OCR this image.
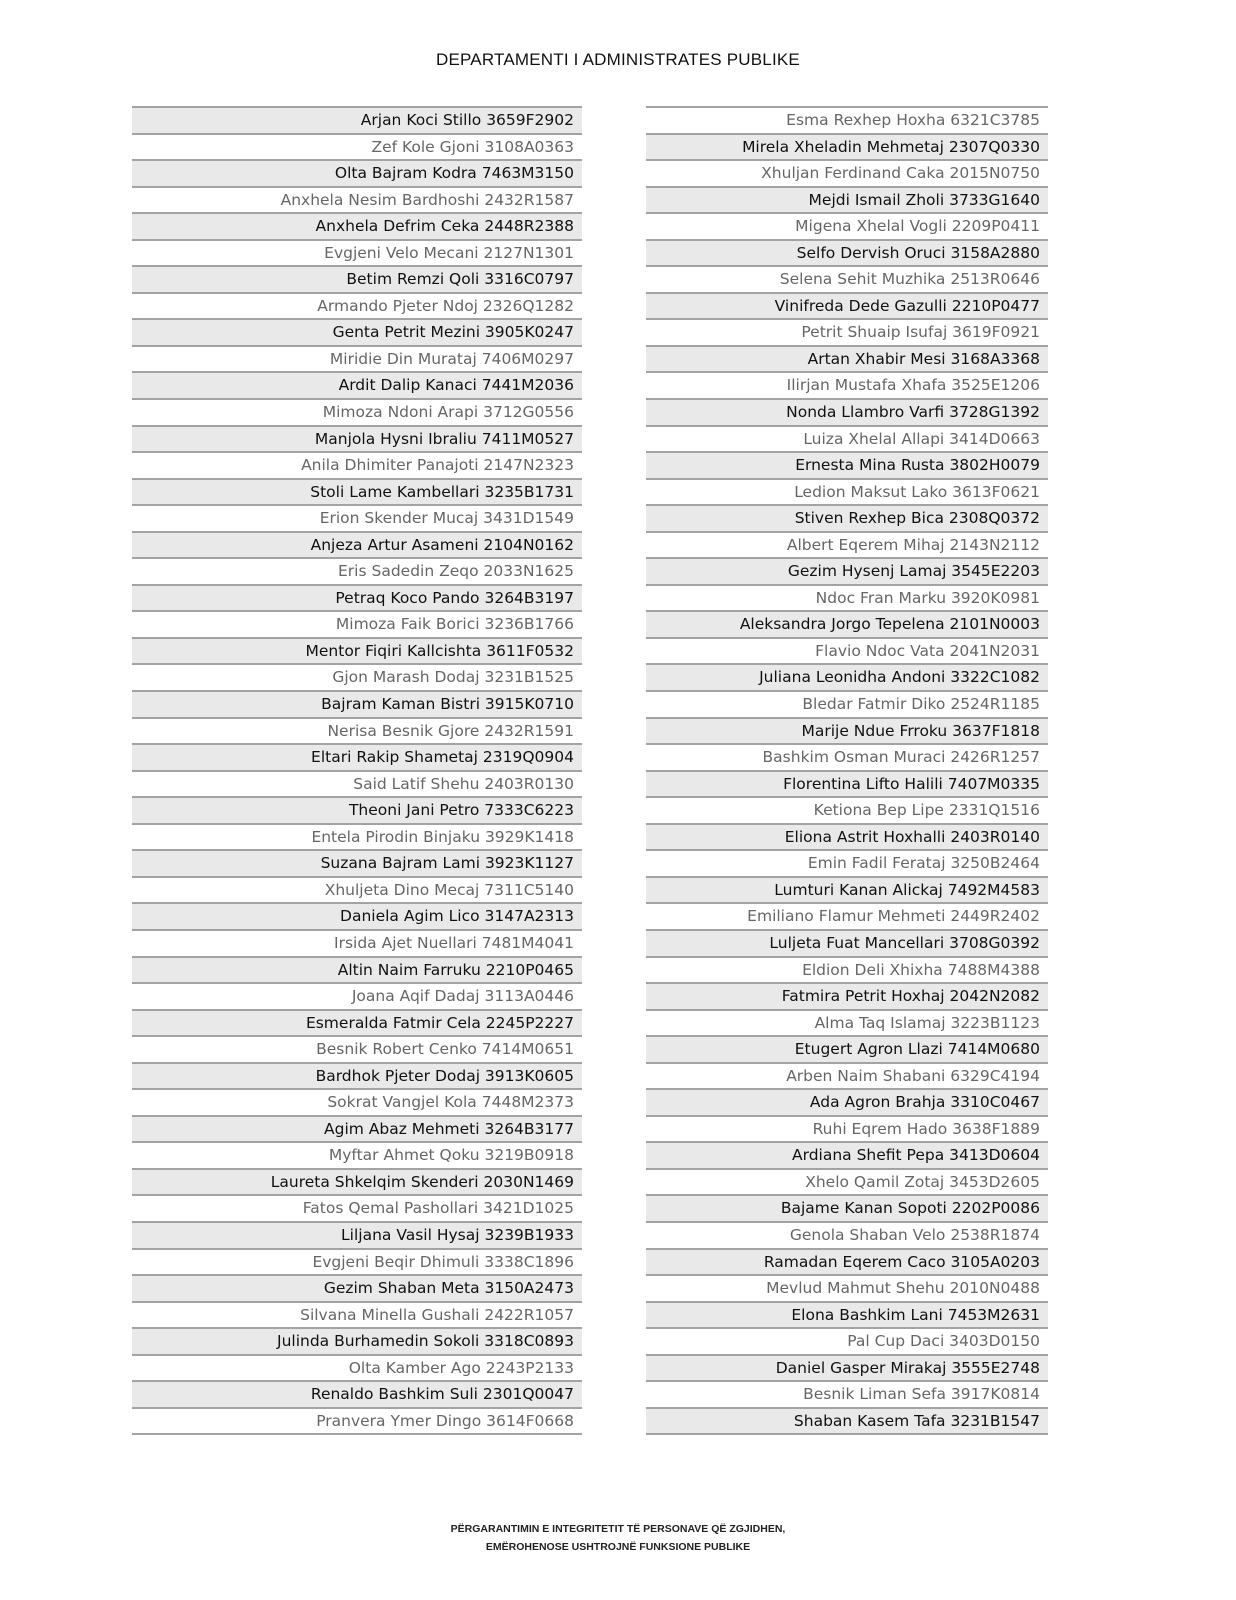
DEPARTAMENTI I ADMINISTRATES PUBLIKE
Arjan Koci Stillo 3659F2902
Zef Kole Gjoni 3108A0363
Olta Bajram Kodra 7463M3150
Anxhela Nesim Bardhoshi 2432R1587
Anxhela Defrim Ceka 2448R2388
Evgjeni Velo Mecani 2127N1301
Betim Remzi Qoli 3316C0797
Armando Pjeter Ndoj 2326Q1282
Genta Petrit Mezini 3905K0247
Miridie Din Murataj 7406M0297
Ardit Dalip Kanaci 7441M2036
Mimoza Ndoni Arapi 3712G0556
Manjola Hysni Ibraliu 7411M0527
Anila Dhimiter Panajoti 2147N2323
Stoli Lame Kambellari 3235B1731
Erion Skender Mucaj 3431D1549
Anjeza Artur Asameni 2104N0162
Eris Sadedin Zeqo 2033N1625
Petraq Koco Pando 3264B3197
Mimoza Faik Borici 3236B1766
Mentor Fiqiri Kallcishta 3611F0532
Gjon Marash Dodaj 3231B1525
Bajram Kaman Bistri 3915K0710
Nerisa Besnik Gjore 2432R1591
Eltari Rakip Shametaj 2319Q0904
Said Latif Shehu 2403R0130
Theoni Jani Petro 7333C6223
Entela Pirodin Binjaku 3929K1418
Suzana Bajram Lami 3923K1127
Xhuljeta Dino Mecaj 7311C5140
Daniela Agim Lico 3147A2313
Irsida Ajet Nuellari 7481M4041
Altin Naim Farruku 2210P0465
Joana Aqif Dadaj 3113A0446
Esmeralda Fatmir Cela 2245P2227
Besnik Robert Cenko 7414M0651
Bardhok Pjeter Dodaj 3913K0605
Sokrat Vangjel Kola 7448M2373
Agim Abaz Mehmeti 3264B3177
Myftar Ahmet Qoku 3219B0918
Laureta Shkelqim Skenderi 2030N1469
Fatos Qemal Pashollari 3421D1025
Liljana Vasil Hysaj 3239B1933
Evgjeni Beqir Dhimuli 3338C1896
Gezim Shaban Meta 3150A2473
Silvana Minella Gushali 2422R1057
Julinda Burhamedin Sokoli 3318C0893
Olta Kamber Ago 2243P2133
Renaldo Bashkim Suli 2301Q0047
Pranvera Ymer Dingo 3614F0668
Esma Rexhep Hoxha 6321C3785
Mirela Xheladin Mehmetaj 2307Q0330
Xhuljan Ferdinand Caka 2015N0750
Mejdi Ismail Zholi 3733G1640
Migena Xhelal Vogli 2209P0411
Selfo Dervish Oruci 3158A2880
Selena Sehit Muzhika 2513R0646
Vinifreda Dede Gazulli 2210P0477
Petrit Shuaip Isufaj 3619F0921
Artan Xhabir Mesi 3168A3368
Ilirjan Mustafa Xhafa 3525E1206
Nonda Llambro Varfi 3728G1392
Luiza Xhelal Allapi 3414D0663
Ernesta Mina Rusta 3802H0079
Ledion Maksut Lako 3613F0621
Stiven Rexhep Bica 2308Q0372
Albert Eqerem Mihaj 2143N2112
Gezim Hysenj Lamaj 3545E2203
Ndoc Fran Marku 3920K0981
Aleksandra Jorgo Tepelena 2101N0003
Flavio Ndoc Vata 2041N2031
Juliana Leonidha Andoni 3322C1082
Bledar Fatmir Diko 2524R1185
Marije Ndue Frroku 3637F1818
Bashkim Osman Muraci 2426R1257
Florentina Lifto Halili 7407M0335
Ketiona Bep Lipe 2331Q1516
Eliona Astrit Hoxhalli 2403R0140
Emin Fadil Ferataj 3250B2464
Lumturi Kanan Alickaj 7492M4583
Emiliano Flamur Mehmeti 2449R2402
Luljeta Fuat Mancellari 3708G0392
Eldion Deli Xhixha 7488M4388
Fatmira Petrit Hoxhaj 2042N2082
Alma Taq Islamaj 3223B1123
Etugert Agron Llazi 7414M0680
Arben Naim Shabani 6329C4194
Ada Agron Brahja 3310C0467
Ruhi Eqrem Hado 3638F1889
Ardiana Shefit Pepa 3413D0604
Xhelo Qamil Zotaj 3453D2605
Bajame Kanan Sopoti 2202P0086
Genola Shaban Velo 2538R1874
Ramadan Eqerem Caco 3105A0203
Mevlud Mahmut Shehu 2010N0488
Elona Bashkim Lani 7453M2631
Pal Cup Daci 3403D0150
Daniel Gasper Mirakaj 3555E2748
Besnik Liman Sefa 3917K0814
Shaban Kasem Tafa 3231B1547
PËRGARANTIMIN E INTEGRITETIT TË PERSONAVE QË ZGJIDHEN,
EMËROHENOSE USHTROJNË FUNKSIONE PUBLIKE
